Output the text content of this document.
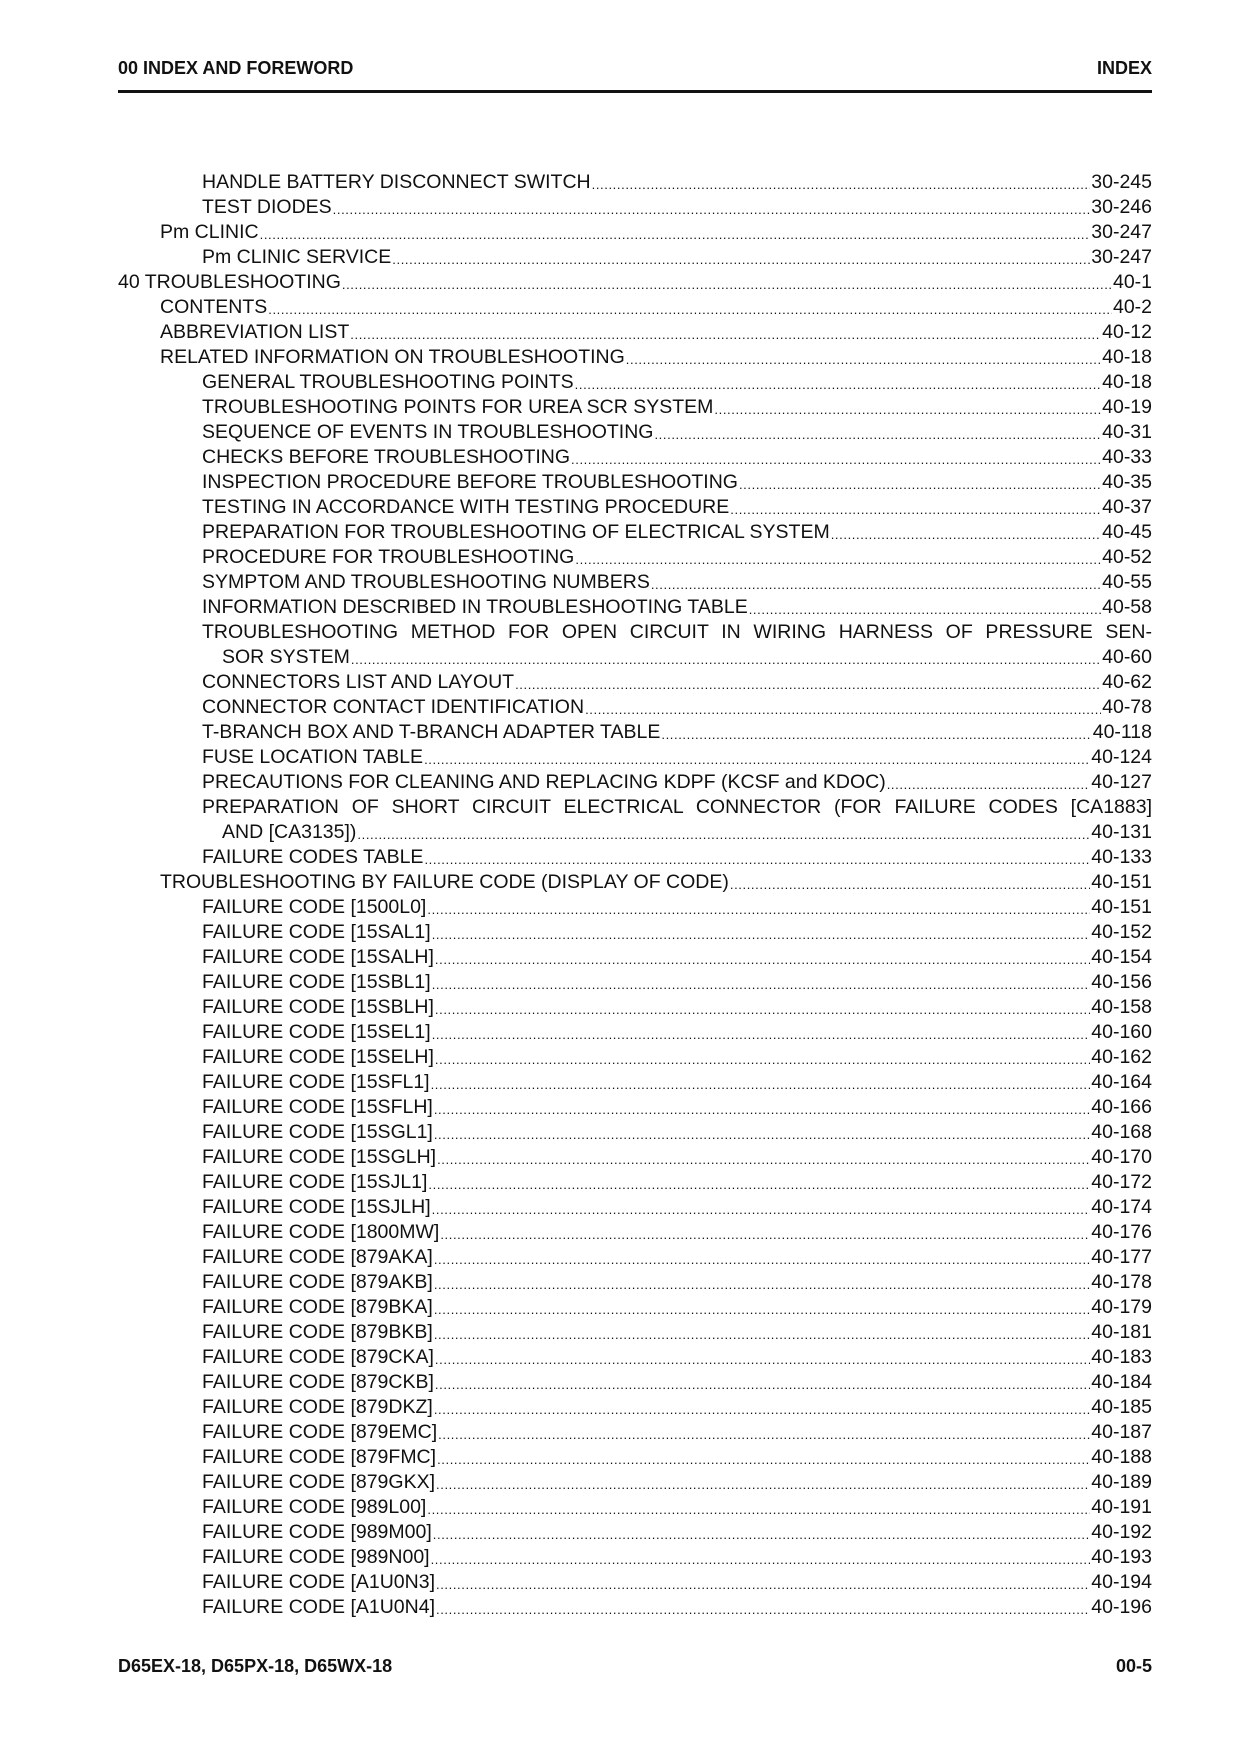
00 INDEX AND FOREWORD	INDEX
HANDLE BATTERY DISCONNECT SWITCH .....	30-245
TEST DIODES .....	30-246
Pm CLINIC .....	30-247
Pm CLINIC SERVICE .....	30-247
40 TROUBLESHOOTING .....	40-1
CONTENTS .....	40-2
ABBREVIATION LIST .....	40-12
RELATED INFORMATION ON TROUBLESHOOTING .....	40-18
GENERAL TROUBLESHOOTING POINTS .....	40-18
TROUBLESHOOTING POINTS FOR UREA SCR SYSTEM .....	40-19
SEQUENCE OF EVENTS IN TROUBLESHOOTING .....	40-31
CHECKS BEFORE TROUBLESHOOTING .....	40-33
INSPECTION PROCEDURE BEFORE TROUBLESHOOTING .....	40-35
TESTING IN ACCORDANCE WITH TESTING PROCEDURE .....	40-37
PREPARATION FOR TROUBLESHOOTING OF ELECTRICAL SYSTEM .....	40-45
PROCEDURE FOR TROUBLESHOOTING .....	40-52
SYMPTOM AND TROUBLESHOOTING NUMBERS .....	40-55
INFORMATION DESCRIBED IN TROUBLESHOOTING TABLE .....	40-58
TROUBLESHOOTING METHOD FOR OPEN CIRCUIT IN WIRING HARNESS OF PRESSURE SEN-
SOR SYSTEM .....	40-60
CONNECTORS LIST AND LAYOUT .....	40-62
CONNECTOR CONTACT IDENTIFICATION .....	40-78
T-BRANCH BOX AND T-BRANCH ADAPTER TABLE .....	40-118
FUSE LOCATION TABLE .....	40-124
PRECAUTIONS FOR CLEANING AND REPLACING KDPF (KCSF and KDOC) .....	40-127
PREPARATION OF SHORT CIRCUIT ELECTRICAL CONNECTOR (FOR FAILURE CODES [CA1883]
AND [CA3135]) .....	40-131
FAILURE CODES TABLE .....	40-133
TROUBLESHOOTING BY FAILURE CODE (DISPLAY OF CODE) .....	40-151
FAILURE CODE [1500L0] .....	40-151
FAILURE CODE [15SAL1] .....	40-152
FAILURE CODE [15SALH] .....	40-154
FAILURE CODE [15SBL1] .....	40-156
FAILURE CODE [15SBLH] .....	40-158
FAILURE CODE [15SEL1] .....	40-160
FAILURE CODE [15SELH] .....	40-162
FAILURE CODE [15SFL1] .....	40-164
FAILURE CODE [15SFLH] .....	40-166
FAILURE CODE [15SGL1] .....	40-168
FAILURE CODE [15SGLH] .....	40-170
FAILURE CODE [15SJL1] .....	40-172
FAILURE CODE [15SJLH] .....	40-174
FAILURE CODE [1800MW] .....	40-176
FAILURE CODE [879AKA] .....	40-177
FAILURE CODE [879AKB] .....	40-178
FAILURE CODE [879BKA] .....	40-179
FAILURE CODE [879BKB] .....	40-181
FAILURE CODE [879CKA] .....	40-183
FAILURE CODE [879CKB] .....	40-184
FAILURE CODE [879DKZ] .....	40-185
FAILURE CODE [879EMC] .....	40-187
FAILURE CODE [879FMC] .....	40-188
FAILURE CODE [879GKX] .....	40-189
FAILURE CODE [989L00] .....	40-191
FAILURE CODE [989M00] .....	40-192
FAILURE CODE [989N00] .....	40-193
FAILURE CODE [A1U0N3] .....	40-194
FAILURE CODE [A1U0N4] .....	40-196
D65EX-18, D65PX-18, D65WX-18	00-5
